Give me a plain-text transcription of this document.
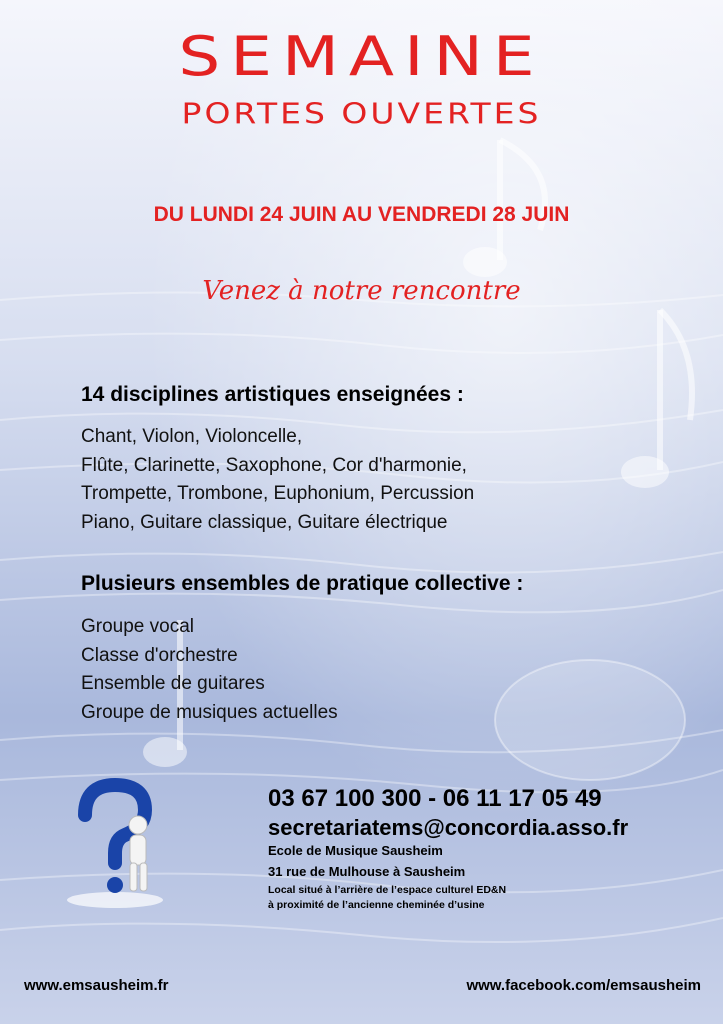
SEMAINE
PORTES OUVERTES
DU LUNDI 24 JUIN AU VENDREDI 28 JUIN
Venez à notre rencontre
14 disciplines artistiques enseignées :
Chant, Violon, Violoncelle,
Flûte, Clarinette, Saxophone, Cor d'harmonie,
Trompette, Trombone, Euphonium, Percussion
Piano, Guitare classique, Guitare électrique
Plusieurs ensembles de pratique collective :
Groupe vocal
Classe d'orchestre
Ensemble de guitares
Groupe de musiques actuelles
03 67 100 300 - 06 11 17 05 49
secretariatems@concordia.asso.fr
Ecole de Musique Sausheim
31 rue de Mulhouse à Sausheim
Local situé à l’arrière de l’espace culturel ED&N
à proximité de l’ancienne cheminée d’usine
www.emsausheim.fr	www.facebook.com/emsausheim
